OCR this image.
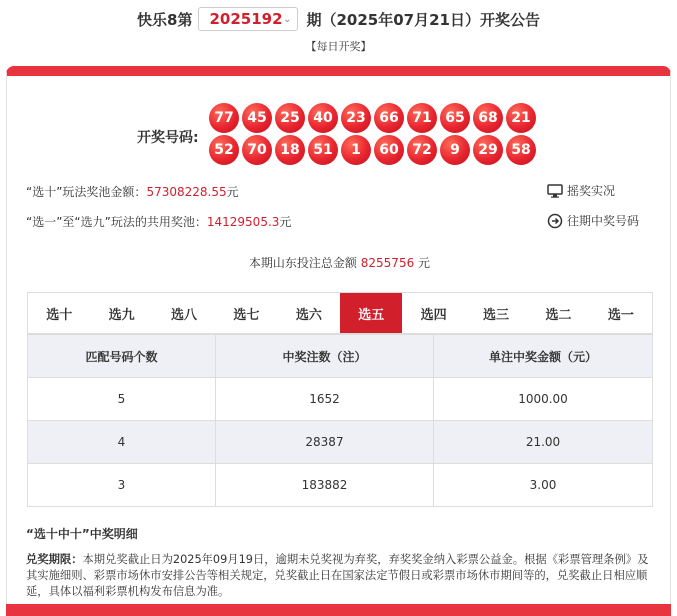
快乐8第 2025192 ⌄ 期（2025年07月21日）开奖公告
【每日开奖】
开奖号码:
77 45 25 40 23 66 71 65 68 21
52 70 18 51	1	60 72	9	29 58
“选十”玩法奖池金额：57308228.55元
“选一”至“选九”玩法的共用奖池：14129505.3元
摇奖实况
往期中奖号码
本期山东投注总金额 8255756 元
选十	选九	选八	选七	选六	选五	选四	选三	选二	选一
匹配号码个数	中奖注数（注）	单注中奖金额（元）
5	1652	1000.00
4	28387	21.00
3	183882	3.00
“选十中十”中奖明细
兑奖期限：本期兑奖截止日为2025年09月19日，逾期未兑奖视为弃奖，弃奖奖金纳入彩票公益金。根据《彩票管理条例》及其实施细则、彩票市场休市安排公告等相关规定，兑奖截止日在国家法定节假日或彩票市场休市期间等的，兑奖截止日相应顺延，具体以福利彩票机构发布信息为准。
